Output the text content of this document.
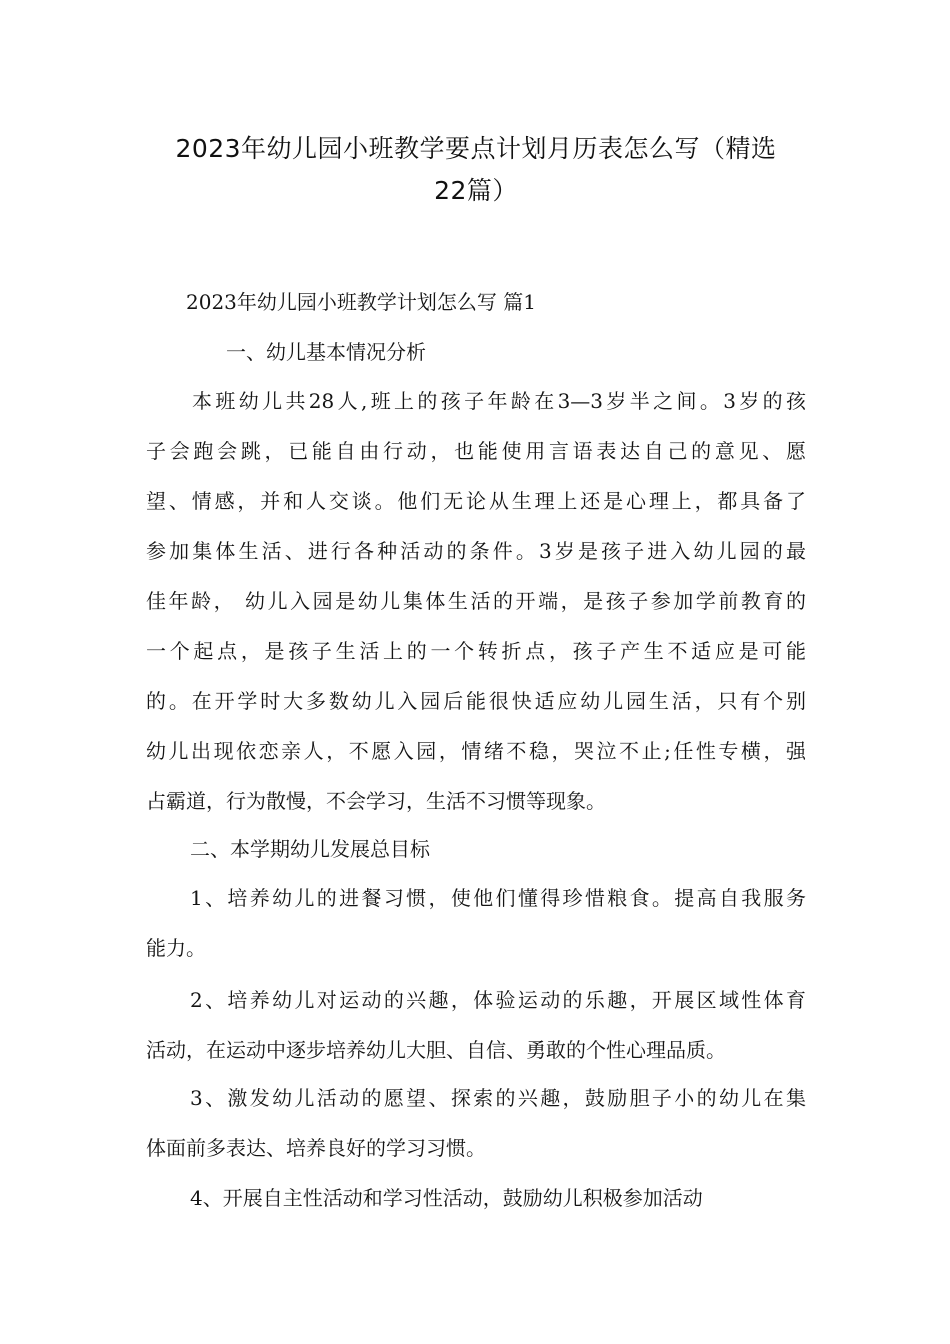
2023年幼儿园小班教学要点计划月历表怎么写（精选
22篇）
2023年幼儿园小班教学计划怎么写 篇1
一、幼儿基本情况分析
本班幼儿共28人,班上的孩子年龄在3—3岁半之间。3岁的孩
子会跑会跳，已能自由行动，也能使用言语表达自己的意见、愿
望、情感，并和人交谈。他们无论从生理上还是心理上，都具备了
参加集体生活、进行各种活动的条件。3岁是孩子进入幼儿园的最
佳年龄， 幼儿入园是幼儿集体生活的开端，是孩子参加学前教育的
一个起点，是孩子生活上的一个转折点，孩子产生不适应是可能
的。在开学时大多数幼儿入园后能很快适应幼儿园生活，只有个别
幼儿出现依恋亲人，不愿入园，情绪不稳，哭泣不止;任性专横，强
占霸道，行为散慢，不会学习，生活不习惯等现象。
二、本学期幼儿发展总目标
1、培养幼儿的进餐习惯，使他们懂得珍惜粮食。提高自我服务
能力。
2、培养幼儿对运动的兴趣，体验运动的乐趣，开展区域性体育
活动，在运动中逐步培养幼儿大胆、自信、勇敢的个性心理品质。
3、激发幼儿活动的愿望、探索的兴趣，鼓励胆子小的幼儿在集
体面前多表达、培养良好的学习习惯。
4、开展自主性活动和学习性活动，鼓励幼儿积极参加活动
